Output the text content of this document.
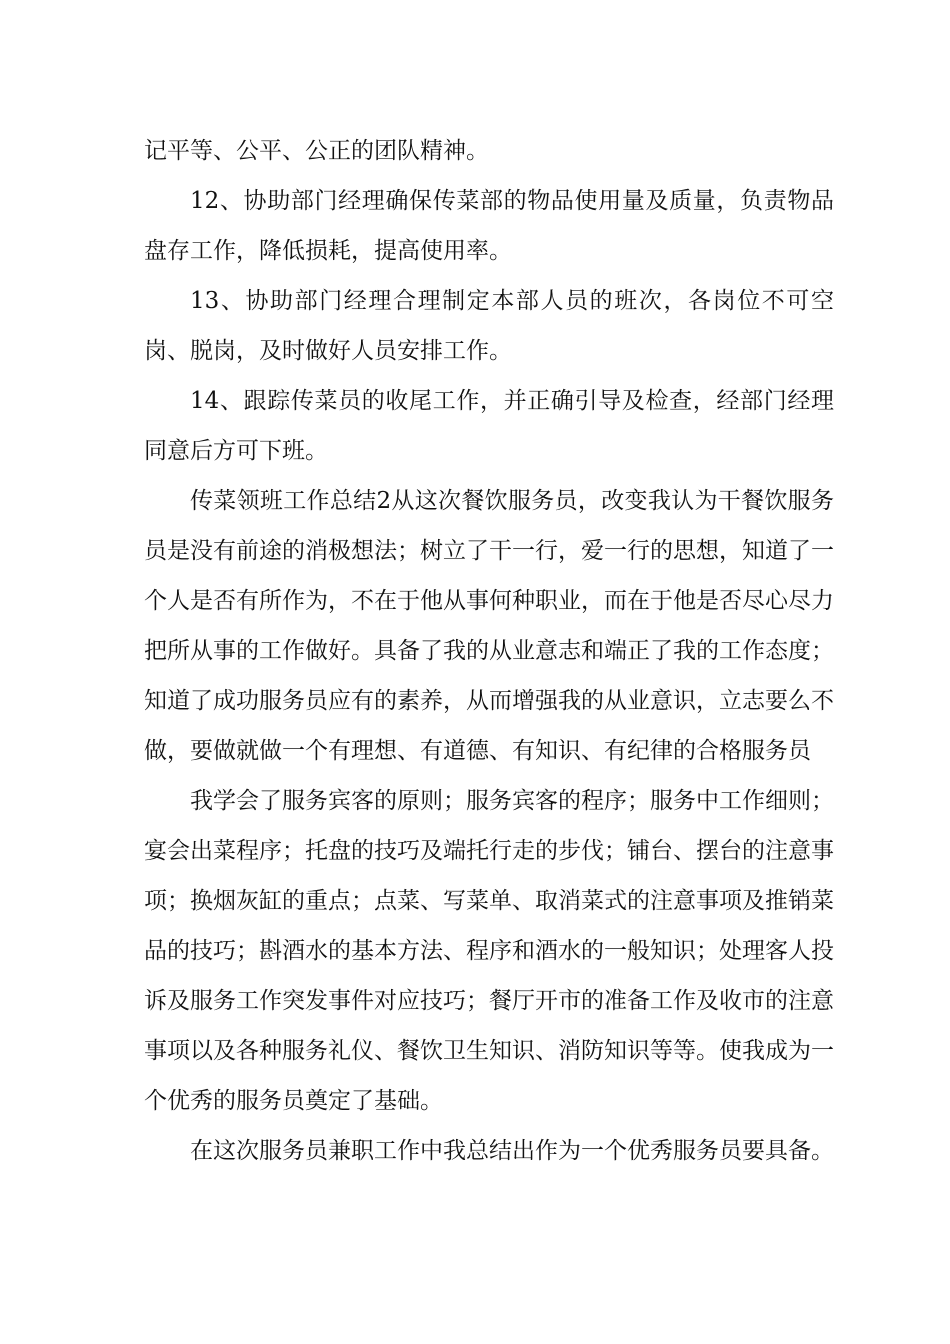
记平等、公平、公正的团队精神。

12、协助部门经理确保传菜部的物品使用量及质量，负责物品盘存工作，降低损耗，提高使用率。

13、协助部门经理合理制定本部人员的班次，各岗位不可空岗、脱岗，及时做好人员安排工作。

14、跟踪传菜员的收尾工作，并正确引导及检查，经部门经理同意后方可下班。

传菜领班工作总结2从这次餐饮服务员，改变我认为干餐饮服务员是没有前途的消极想法；树立了干一行，爱一行的思想，知道了一个人是否有所作为，不在于他从事何种职业，而在于他是否尽心尽力把所从事的工作做好。具备了我的从业意志和端正了我的工作态度；知道了成功服务员应有的素养，从而增强我的从业意识，立志要么不做，要做就做一个有理想、有道德、有知识、有纪律的合格服务员

我学会了服务宾客的原则；服务宾客的程序；服务中工作细则；宴会出菜程序；托盘的技巧及端托行走的步伐；铺台、摆台的注意事项；换烟灰缸的重点；点菜、写菜单、取消菜式的注意事项及推销菜品的技巧；斟酒水的基本方法、程序和酒水的一般知识；处理客人投诉及服务工作突发事件对应技巧；餐厅开市的准备工作及收市的注意事项以及各种服务礼仪、餐饮卫生知识、消防知识等等。使我成为一个优秀的服务员奠定了基础。

在这次服务员兼职工作中我总结出作为一个优秀服务员要具备。
